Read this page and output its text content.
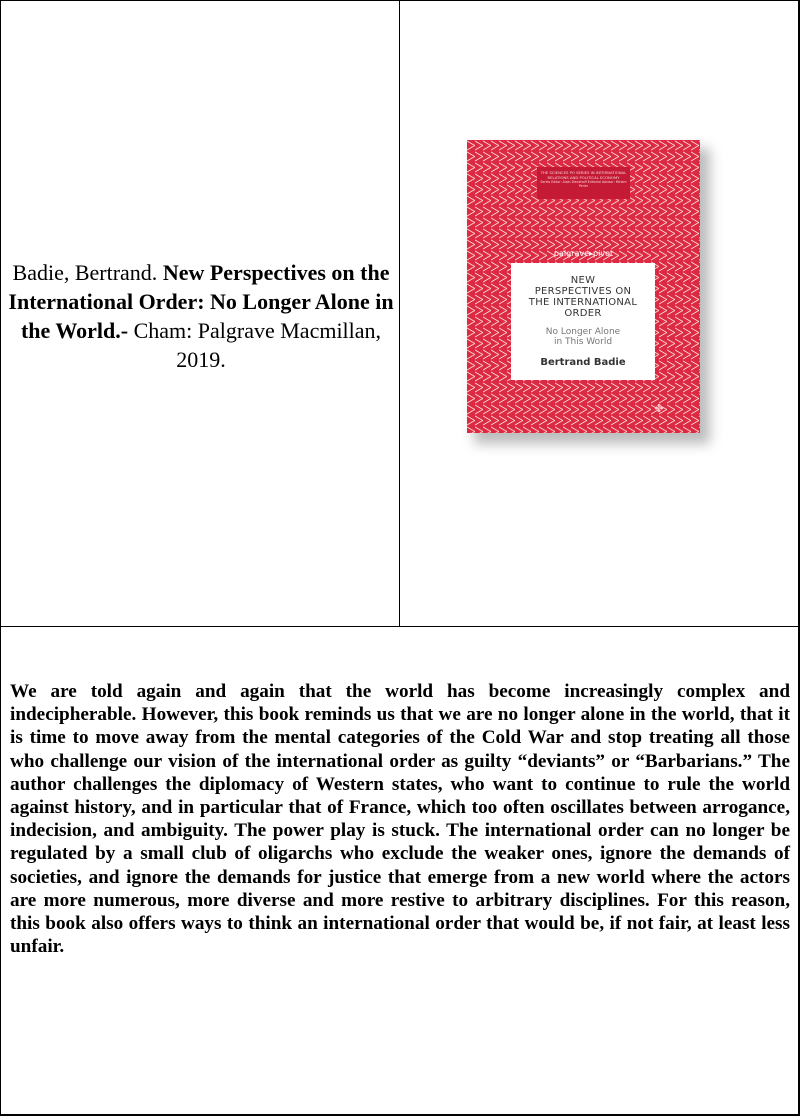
Badie, Bertrand. New Perspectives on the International Order: No Longer Alone in the World.- Cham: Palgrave Macmillan, 2019.
THE SCIENCES PO SERIES IN INTERNATIONAL RELATIONS AND POLITICAL ECONOMY
Series Editor: Alain Dieckhoff Editorial Advisor: Miriam Perier
palgrave▸pivot
NEW
PERSPECTIVES ON
THE INTERNATIONAL
ORDER
No Longer Alone
in This World
Bertrand Badie
✤
We are told again and again that the world has become increasingly complex and indecipherable. However, this book reminds us that we are no longer alone in the world, that it is time to move away from the mental categories of the Cold War and stop treating all those who challenge our vision of the international order as guilty “deviants” or “Barbarians.” The author challenges the diplomacy of Western states, who want to continue to rule the world against history, and in particular that of France, which too often oscillates between arrogance, indecision, and ambiguity. The power play is stuck. The international order can no longer be regulated by a small club of oligarchs who exclude the weaker ones, ignore the demands of societies, and ignore the demands for justice that emerge from a new world where the actors are more numerous, more diverse and more restive to arbitrary disciplines. For this reason, this book also offers ways to think an international order that would be, if not fair, at least less unfair.
